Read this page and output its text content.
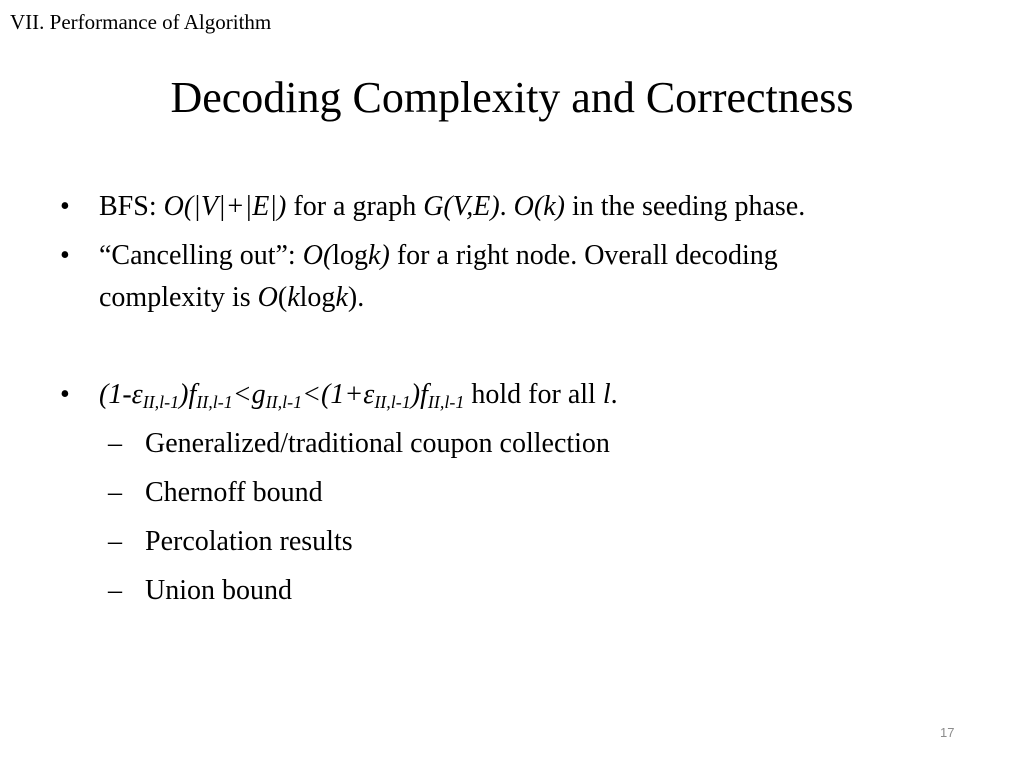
VII. Performance of Algorithm
Decoding Complexity and Correctness
• BFS: O(|V|+|E|) for a graph G(V,E). O(k) in the seeding phase.
• “Cancelling out”: O(logk) for a right node. Overall decoding
complexity is O(klogk).
• $(1-\varepsilon_{II,l-1})f_{II,l-1}<g_{II,l-1}<(1+\varepsilon_{II,l-1})f_{II,l-1}$ hold for all l.
– Generalized/traditional coupon collection
– Chernoff bound
– Percolation results
– Union bound
17
